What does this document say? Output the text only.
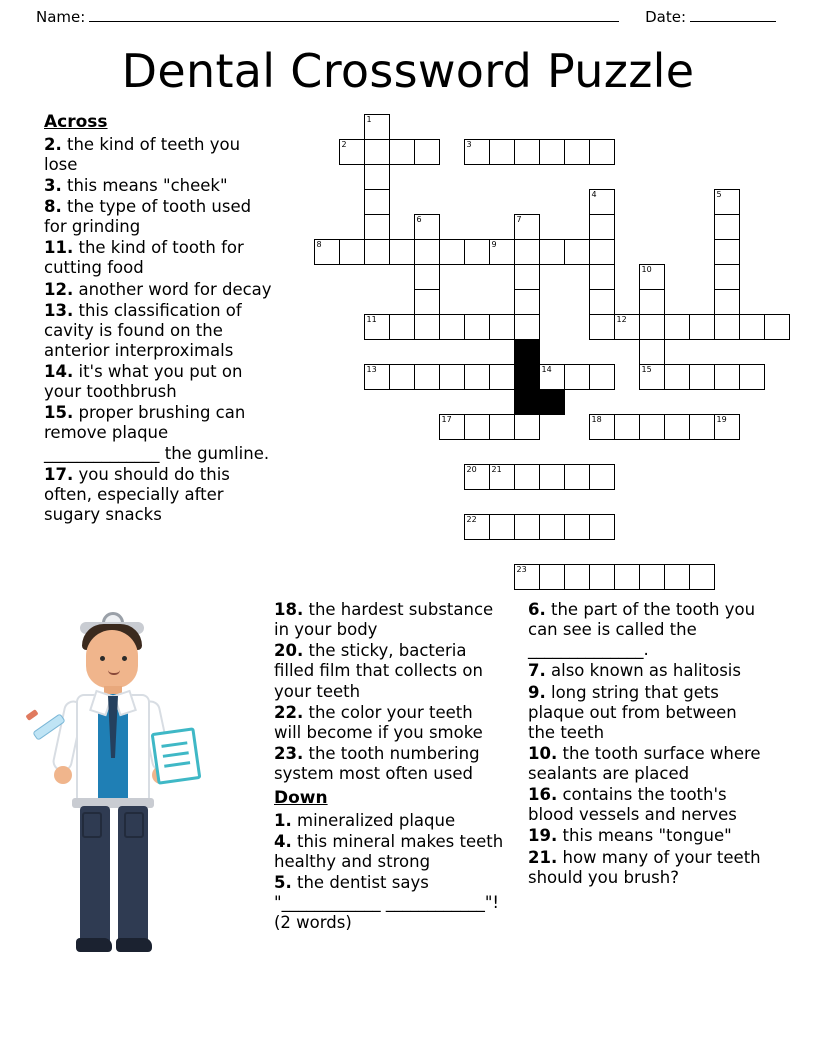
Name:	Date:
Dental Crossword Puzzle
Across
2. the kind of teeth you lose
3. this means "cheek"
8. the type of tooth used for grinding
11. the kind of tooth for cutting food
12. another word for decay
13. this classification of cavity is found on the anterior interproximals
14. it's what you put on your toothbrush
15. proper brushing can remove plaque ______________ the gumline.
17. you should do this often, especially after sugary snacks
1
2	3
4	5
6	7
8	9
10
11	12
13	14	15
17	18	19
20	21
22
23
18. the hardest substance in your body
20. the sticky, bacteria filled film that collects on your teeth
22. the color your teeth will become if you smoke
23. the tooth numbering system most often used
Down
1. mineralized plaque
4. this mineral makes teeth healthy and strong
5. the dentist says "____________ ____________"! (2 words)
6. the part of the tooth you can see is called the ______________.
7. also known as halitosis
9. long string that gets plaque out from between the teeth
10. the tooth surface where sealants are placed
16. contains the tooth's blood vessels and nerves
19. this means "tongue"
21. how many of your teeth should you brush?
